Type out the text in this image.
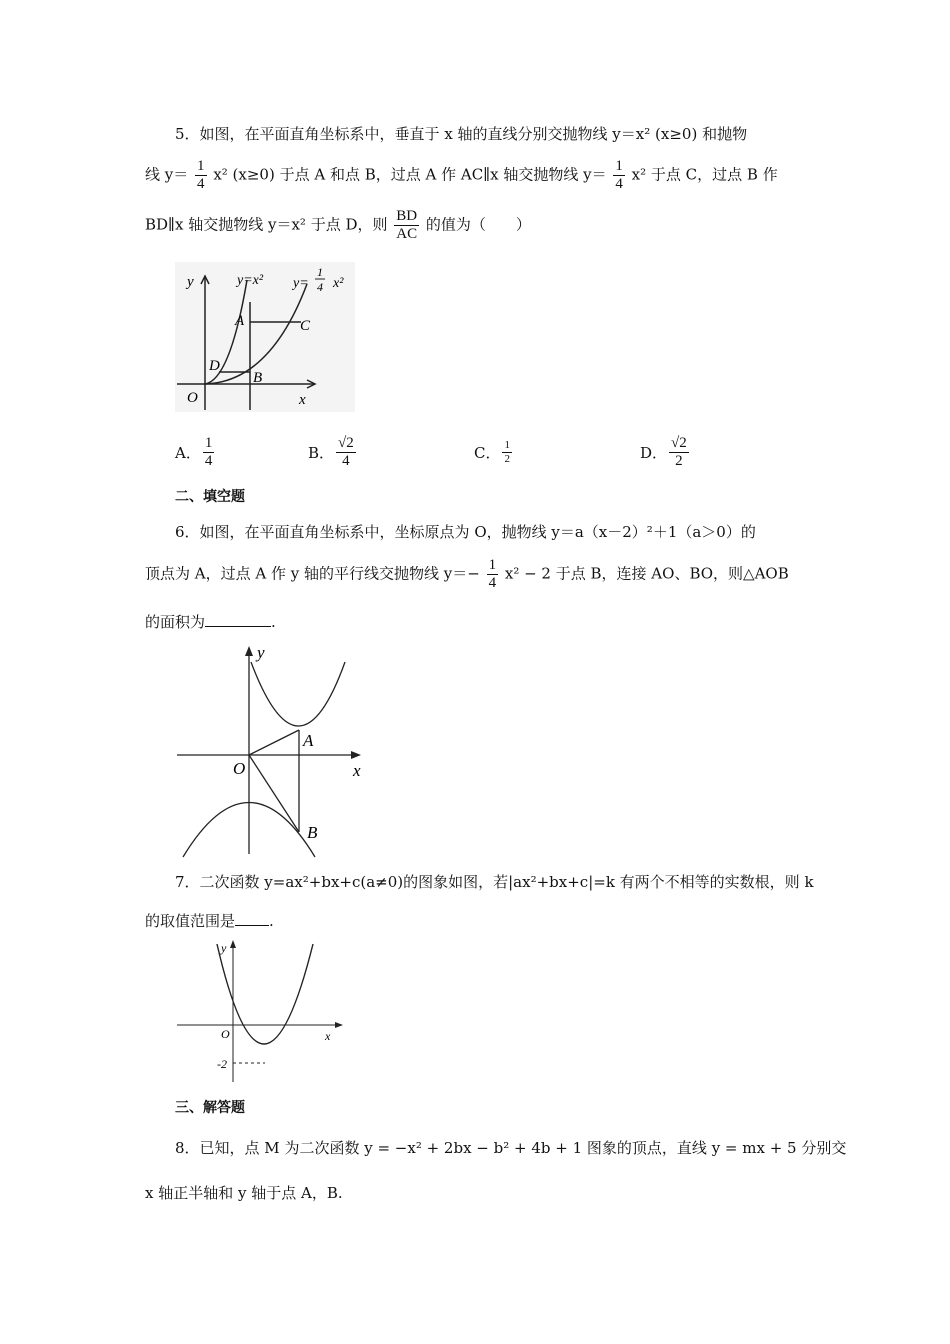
5．如图，在平面直角坐标系中，垂直于 x 轴的直线分别交抛物线 y＝x² (x≥0) 和抛物
线 $y= \frac{1}{4} x^2$ (x≥0) 于点 A 和点 B，过点 A 作 AC∥x 轴交抛物线 $y= \frac{1}{4} x^2$ 于点 C，过点 B 作
BD∥x 轴交抛物线 y＝x² 于点 D，则 $\frac{BD}{AC}$ 的值为（　　）
y
x
O
y=x² y=
1
4 x²
A	C
D
B
A． $\frac{1}{4}$	B． $\frac{√2}{4}$	C． $\frac{1}{2}$	D． $\frac{√2}{2}$
二、填空题
6．如图，在平面直角坐标系中，坐标原点为 O，抛物线 y＝a（x－2）²＋1（a＞0）的
顶点为 A，过点 A 作 y 轴的平行线交抛物线 $y=- \frac{1}{4} x^2 - 2$ 于点 B，连接 AO、BO，则△AOB
的面积为	.
y
x
O
A
B
7．二次函数 y=ax²+bx+c(a≠0)的图象如图，若|ax²+bx+c|=k 有两个不相等的实数根，则 k
的取值范围是 .
y
x
O
-2
三、解答题
8．已知，点 M 为二次函数 y = −x² + 2bx − b² + 4b + 1 图象的顶点，直线 y = mx + 5 分别交
x 轴正半轴和 y 轴于点 A，B.
